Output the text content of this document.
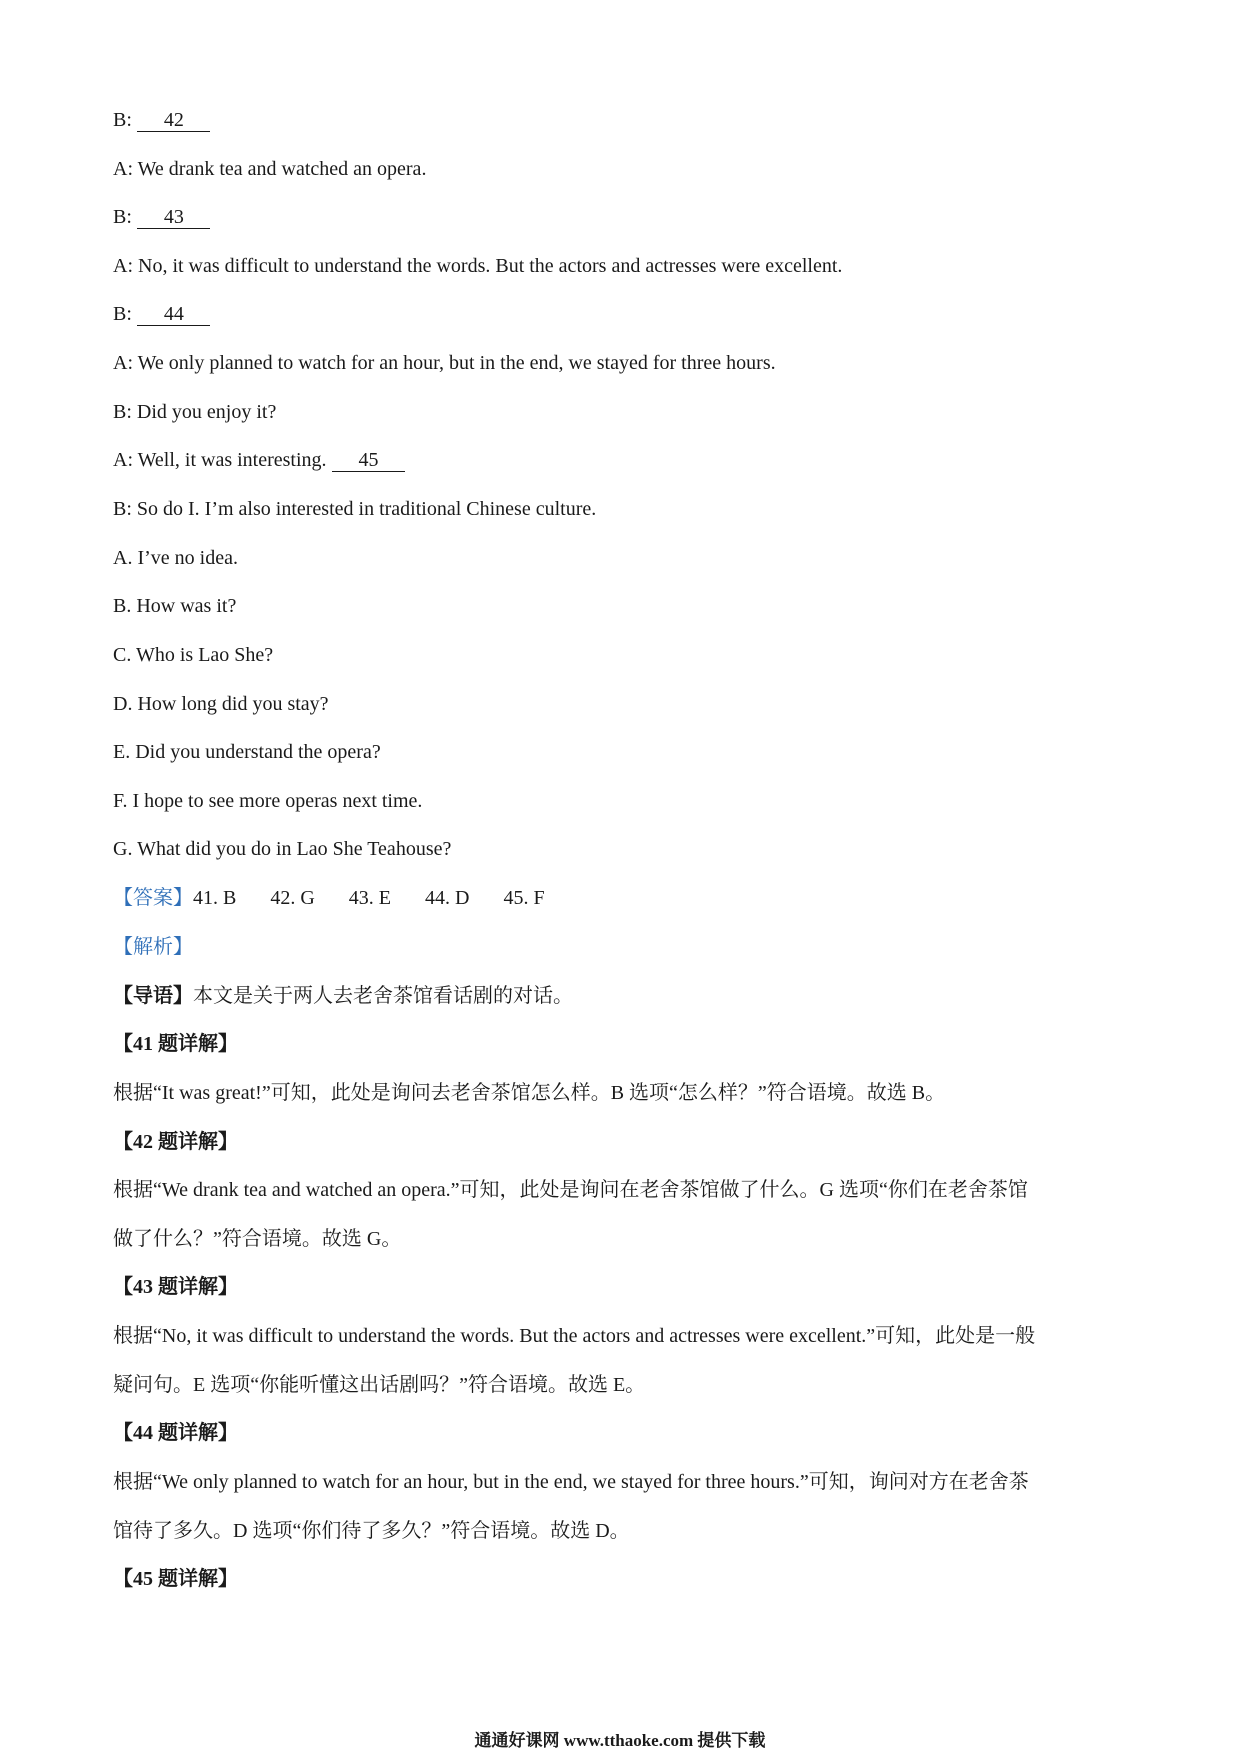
B: 42
A: We drank tea and watched an opera.
B: 43
A: No, it was difficult to understand the words. But the actors and actresses were excellent.
B: 44
A: We only planned to watch for an hour, but in the end, we stayed for three hours.
B: Did you enjoy it?
A: Well, it was interesting. 45
B: So do I. I’m also interested in traditional Chinese culture.
A. I’ve no idea.
B. How was it?
C. Who is Lao She?
D. How long did you stay?
E. Did you understand the opera?
F. I hope to see more operas next time.
G. What did you do in Lao She Teahouse?
【答案】41. B 42. G 43. E 44. D 45. F
【解析】
【导语】本文是关于两人去老舍茶馆看话剧的对话。
【41 题详解】
根据“It was great!”可知，此处是询问去老舍茶馆怎么样。B 选项“怎么样？”符合语境。故选 B。
【42 题详解】
根据“We drank tea and watched an opera.”可知，此处是询问在老舍茶馆做了什么。G 选项“你们在老舍茶馆
做了什么？”符合语境。故选 G。
【43 题详解】
根据“No, it was difficult to understand the words. But the actors and actresses were excellent.”可知，此处是一般
疑问句。E 选项“你能听懂这出话剧吗？”符合语境。故选 E。
【44 题详解】
根据“We only planned to watch for an hour, but in the end, we stayed for three hours.”可知，询问对方在老舍茶
馆待了多久。D 选项“你们待了多久？”符合语境。故选 D。
【45 题详解】
通通好课网 www.tthaoke.com 提供下载
